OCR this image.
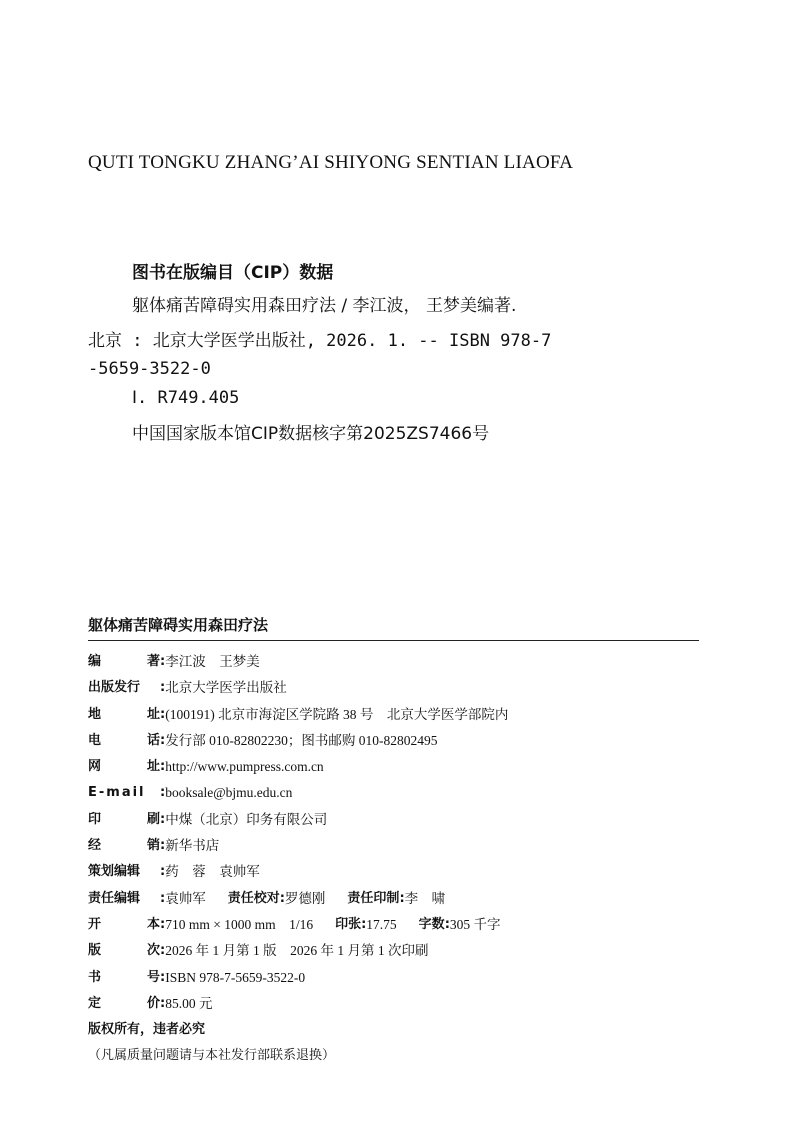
QUTI TONGKU ZHANG’AI SHIYONG SENTIAN LIAOFA
图书在版编目（CIP）数据
躯体痛苦障碍实用森田疗法 / 李江波， 王梦美编著.
北京 : 北京大学医学出版社, 2026. 1. -- ISBN 978-7
-5659-3522-0
Ⅰ. R749.405
中国国家版本馆CIP数据核字第2025ZS7466号
躯体痛苦障碍实用森田疗法
编	著 : 李江波　王梦美
出版发行 : 北京大学医学出版社
地	址 : (100191) 北京市海淀区学院路 38 号　北京大学医学部院内
电	话 : 发行部 010-82802230；图书邮购 010-82802495
网	址 : http://www.pumpress.com.cn
E-mail : booksale@bjmu.edu.cn
印	刷 : 中煤（北京）印务有限公司
经	销 : 新华书店
策划编辑 : 药　蓉　袁帅军
责任编辑 : 袁帅军 责任校对 : 罗德刚 责任印制 : 李　啸
开	本 : 710 mm × 1000 mm　1/16 印张 : 17.75 字数 : 305 千字
版	次 : 2026 年 1 月第 1 版　2026 年 1 月第 1 次印刷
书	号 : ISBN 978-7-5659-3522-0
定	价 : 85.00 元
版权所有，违者必究
（凡属质量问题请与本社发行部联系退换）
